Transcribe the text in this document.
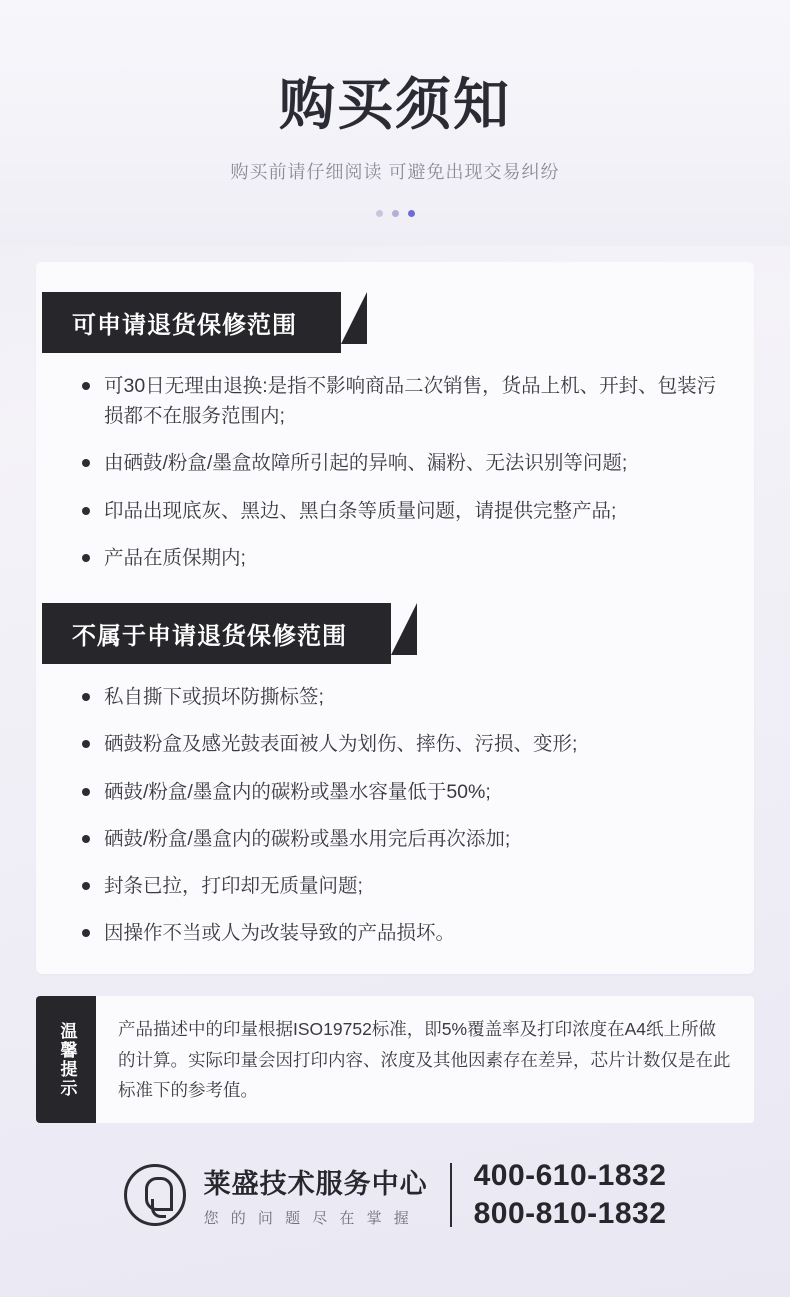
购买须知
购买前请仔细阅读 可避免出现交易纠纷
可申请退货保修范围
可30日无理由退换:是指不影响商品二次销售，货品上机、开封、包装污损都不在服务范围内;
由硒鼓/粉盒/墨盒故障所引起的异响、漏粉、无法识别等问题;
印品出现底灰、黑边、黑白条等质量问题，请提供完整产品;
产品在质保期内;
不属于申请退货保修范围
私自撕下或损坏防撕标签;
硒鼓粉盒及感光鼓表面被人为划伤、摔伤、污损、变形;
硒鼓/粉盒/墨盒内的碳粉或墨水容量低于50%;
硒鼓/粉盒/墨盒内的碳粉或墨水用完后再次添加;
封条已拉，打印却无质量问题;
因操作不当或人为改装导致的产品损坏。
温馨提示	产品描述中的印量根据ISO19752标准，即5%覆盖率及打印浓度在A4纸上所做的计算。实际印量会因打印内容、浓度及其他因素存在差异，芯片计数仅是在此标准下的参考值。
莱盛技术服务中心
您 的 问 题 尽 在 掌 握
400-610-1832
800-810-1832
